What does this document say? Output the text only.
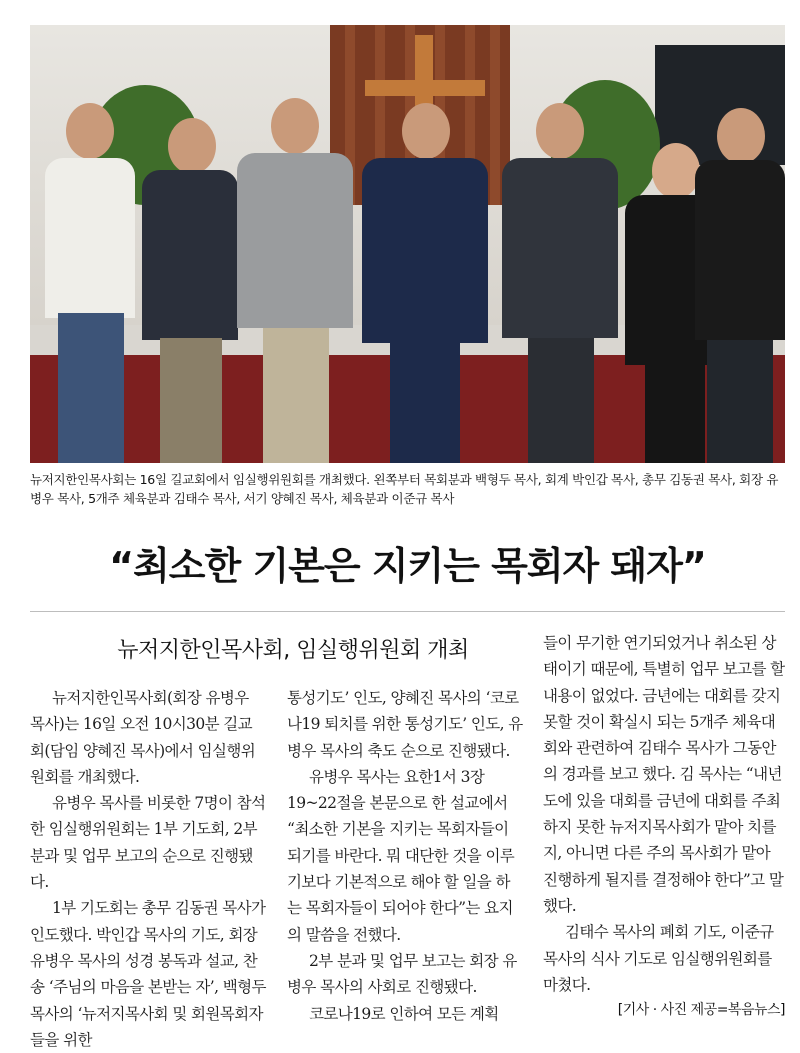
뉴저지한인목사회는 16일 길교회에서 임실행위원회를 개최했다. 왼쪽부터 목회분과 백형두 목사, 회계 박인갑 목사, 총무 김동권 목사, 회장 유병우 목사, 5개주 체육분과 김태수 목사, 서기 양혜진 목사, 체육분과 이준규 목사
“최소한 기본은 지키는 목회자 돼자”
뉴저지한인목사회, 임실행위원회 개최

뉴저지한인목사회(회장 유병우 목사)는 16일 오전 10시30분 길교회(담임 양혜진 목사)에서 임실행위원회를 개최했다.

유병우 목사를 비롯한 7명이 참석한 임실행위원회는 1부 기도회, 2부 분과 및 업무 보고의 순으로 진행됐다.

1부 기도회는 총무 김동권 목사가 인도했다. 박인갑 목사의 기도, 회장 유병우 목사의 성경 봉독과 설교, 찬송 ‘주님의 마음을 본받는 자’, 백형두 목사의 ‘뉴저지목사회 및 회원목회자들을 위한

통성기도’ 인도, 양혜진 목사의 ‘코로나19 퇴치를 위한 통성기도’ 인도, 유병우 목사의 축도 순으로 진행됐다.

유병우 목사는 요한1서 3장 19~22절을 본문으로 한 설교에서 “최소한 기본을 지키는 목회자들이 되기를 바란다. 뭐 대단한 것을 이루기보다 기본적으로 해야 할 일을 하는 목회자들이 되어야 한다”는 요지의 말씀을 전했다.

2부 분과 및 업무 보고는 회장 유병우 목사의 사회로 진행됐다.

코로나19로 인하여 모든 계획

들이 무기한 연기되었거나 취소된 상태이기 때문에, 특별히 업무 보고를 할 내용이 없었다. 금년에는 대회를 갖지 못할 것이 확실시 되는 5개주 체육대회와 관련하여 김태수 목사가 그동안의 경과를 보고 했다. 김 목사는 “내년도에 있을 대회를 금년에 대회를 주최하지 못한 뉴저지목사회가 맡아 치를지, 아니면 다른 주의 목사회가 맡아 진행하게 될지를 결정해야 한다”고 말했다.

김태수 목사의 폐회 기도, 이준규 목사의 식사 기도로 임실행위원회를 마쳤다.

[기사 · 사진 제공=복음뉴스]
